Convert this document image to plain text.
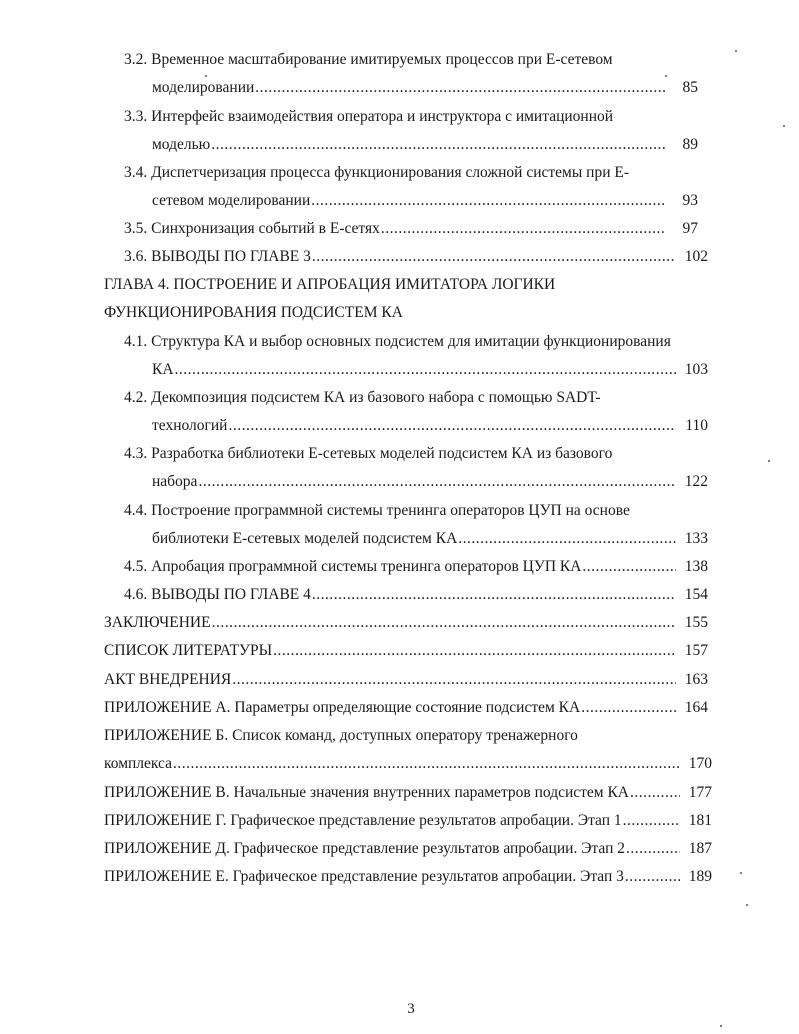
3.2. Временное масштабирование имитируемых процессов при Е-сетевом
моделировании .....	85
3.3. Интерфейс взаимодействия оператора и инструктора с имитационной
моделью .....	89
3.4. Диспетчеризация процесса функционирования сложной системы при Е-
сетевом моделировании .....	93
3.5. Синхронизация событий в Е-сетях .....	97
3.6. ВЫВОДЫ ПО ГЛАВЕ 3 .....	102
ГЛАВА 4. ПОСТРОЕНИЕ И АПРОБАЦИЯ ИМИТАТОРА ЛОГИКИ
ФУНКЦИОНИРОВАНИЯ ПОДСИСТЕМ КА
4.1. Структура КА и выбор основных подсистем для имитации функционирования
КА .....	103
4.2. Декомпозиция подсистем КА из базового набора с помощью SADT-
технологий .....	110
4.3. Разработка библиотеки Е-сетевых моделей подсистем КА из базового
набора .....	122
4.4. Построение программной системы тренинга операторов ЦУП на основе
библиотеки Е-сетевых моделей подсистем КА .....	133
4.5. Апробация программной системы тренинга операторов ЦУП КА .....	138
4.6. ВЫВОДЫ ПО ГЛАВЕ 4 .....	154
ЗАКЛЮЧЕНИЕ .....	155
СПИСОК ЛИТЕРАТУРЫ .....	157
АКТ ВНЕДРЕНИЯ .....	163
ПРИЛОЖЕНИЕ А. Параметры определяющие состояние подсистем КА .....	164
ПРИЛОЖЕНИЕ Б. Список команд, доступных оператору тренажерного
комплекса .....	170
ПРИЛОЖЕНИЕ В. Начальные значения внутренних параметров подсистем КА .....	177
ПРИЛОЖЕНИЕ Г. Графическое представление результатов апробации. Этап 1 .....	181
ПРИЛОЖЕНИЕ Д. Графическое представление результатов апробации. Этап 2 .....	187
ПРИЛОЖЕНИЕ Е. Графическое представление результатов апробации. Этап 3 .....	189
3
